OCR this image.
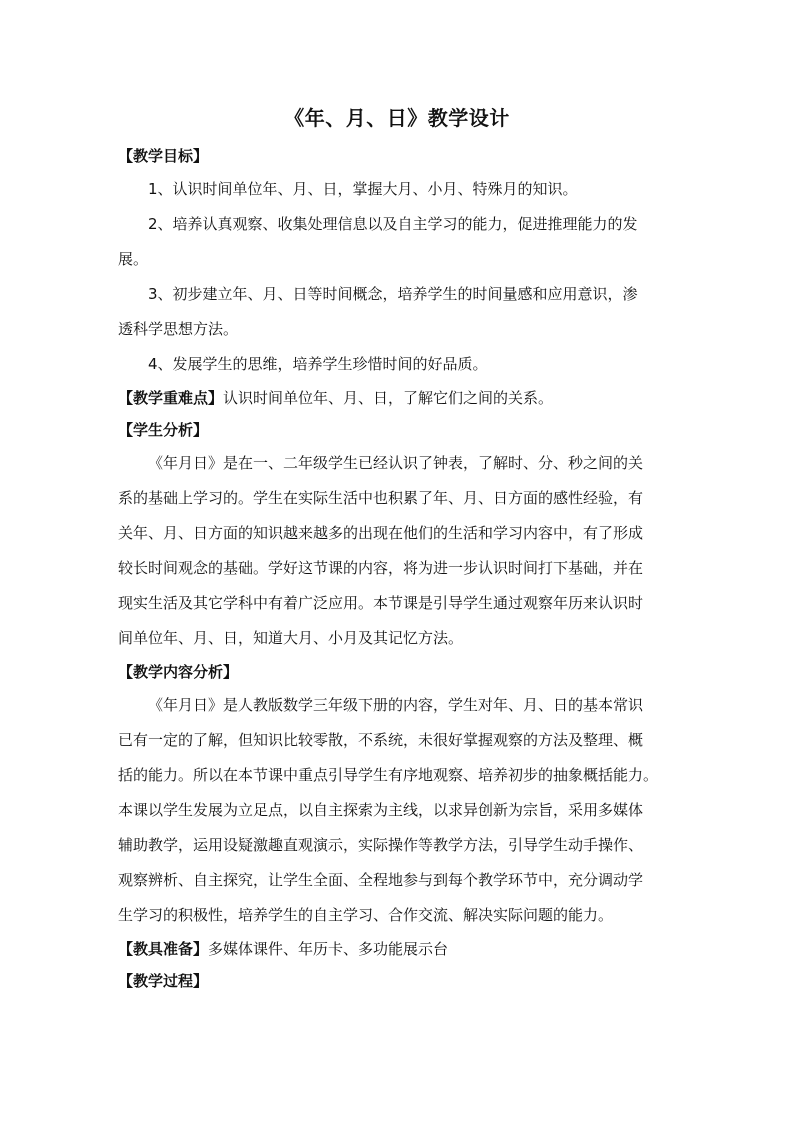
《年、月、日》教学设计
【教学目标】
1、认识时间单位年、月、日，掌握大月、小月、特殊月的知识。
2、培养认真观察、收集处理信息以及自主学习的能力，促进推理能力的发
展。
3、初步建立年、月、日等时间概念，培养学生的时间量感和应用意识，渗
透科学思想方法。
4、发展学生的思维，培养学生珍惜时间的好品质。
【教学重难点】认识时间单位年、月、日，了解它们之间的关系。
【学生分析】
《年月日》是在一、二年级学生已经认识了钟表，了解时、分、秒之间的关
系的基础上学习的。学生在实际生活中也积累了年、月、日方面的感性经验，有
关年、月、日方面的知识越来越多的出现在他们的生活和学习内容中，有了形成
较长时间观念的基础。学好这节课的内容，将为进一步认识时间打下基础，并在
现实生活及其它学科中有着广泛应用。本节课是引导学生通过观察年历来认识时
间单位年、月、日，知道大月、小月及其记忆方法。
【教学内容分析】
《年月日》是人教版数学三年级下册的内容，学生对年、月、日的基本常识
已有一定的了解，但知识比较零散，不系统，未很好掌握观察的方法及整理、概
括的能力。所以在本节课中重点引导学生有序地观察、培养初步的抽象概括能力。
本课以学生发展为立足点，以自主探索为主线，以求异创新为宗旨，采用多媒体
辅助教学，运用设疑激趣直观演示，实际操作等教学方法，引导学生动手操作、
观察辨析、自主探究，让学生全面、全程地参与到每个教学环节中，充分调动学
生学习的积极性，培养学生的自主学习、合作交流、解决实际问题的能力。
【教具准备】多媒体课件、年历卡、多功能展示台
【教学过程】
